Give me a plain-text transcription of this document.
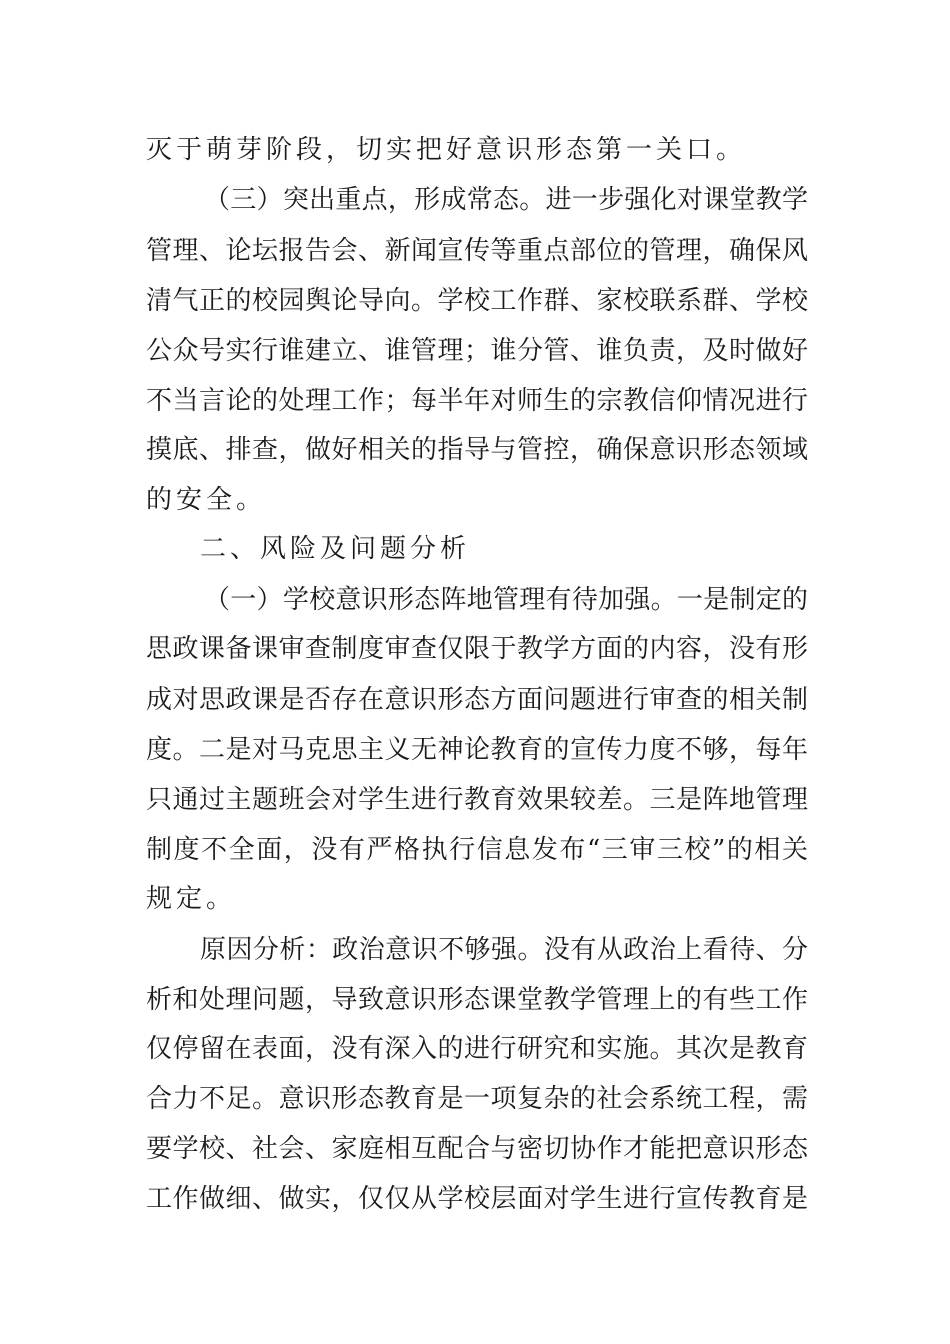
灭于萌芽阶段，切实把好意识形态第一关口。
（三）突出重点，形成常态。进一步强化对课堂教学
管理、论坛报告会、新闻宣传等重点部位的管理，确保风
清气正的校园舆论导向。学校工作群、家校联系群、学校
公众号实行谁建立、谁管理；谁分管、谁负责，及时做好
不当言论的处理工作；每半年对师生的宗教信仰情况进行
摸底、排查，做好相关的指导与管控，确保意识形态领域
的安全。
二、风险及问题分析
（一）学校意识形态阵地管理有待加强。一是制定的
思政课备课审查制度审查仅限于教学方面的内容，没有形
成对思政课是否存在意识形态方面问题进行审查的相关制
度。二是对马克思主义无神论教育的宣传力度不够，每年
只通过主题班会对学生进行教育效果较差。三是阵地管理
制度不全面，没有严格执行信息发布“三审三校”的相关
规定。
原因分析：政治意识不够强。没有从政治上看待、分
析和处理问题，导致意识形态课堂教学管理上的有些工作
仅停留在表面，没有深入的进行研究和实施。其次是教育
合力不足。意识形态教育是一项复杂的社会系统工程，需
要学校、社会、家庭相互配合与密切协作才能把意识形态
工作做细、做实，仅仅从学校层面对学生进行宣传教育是
